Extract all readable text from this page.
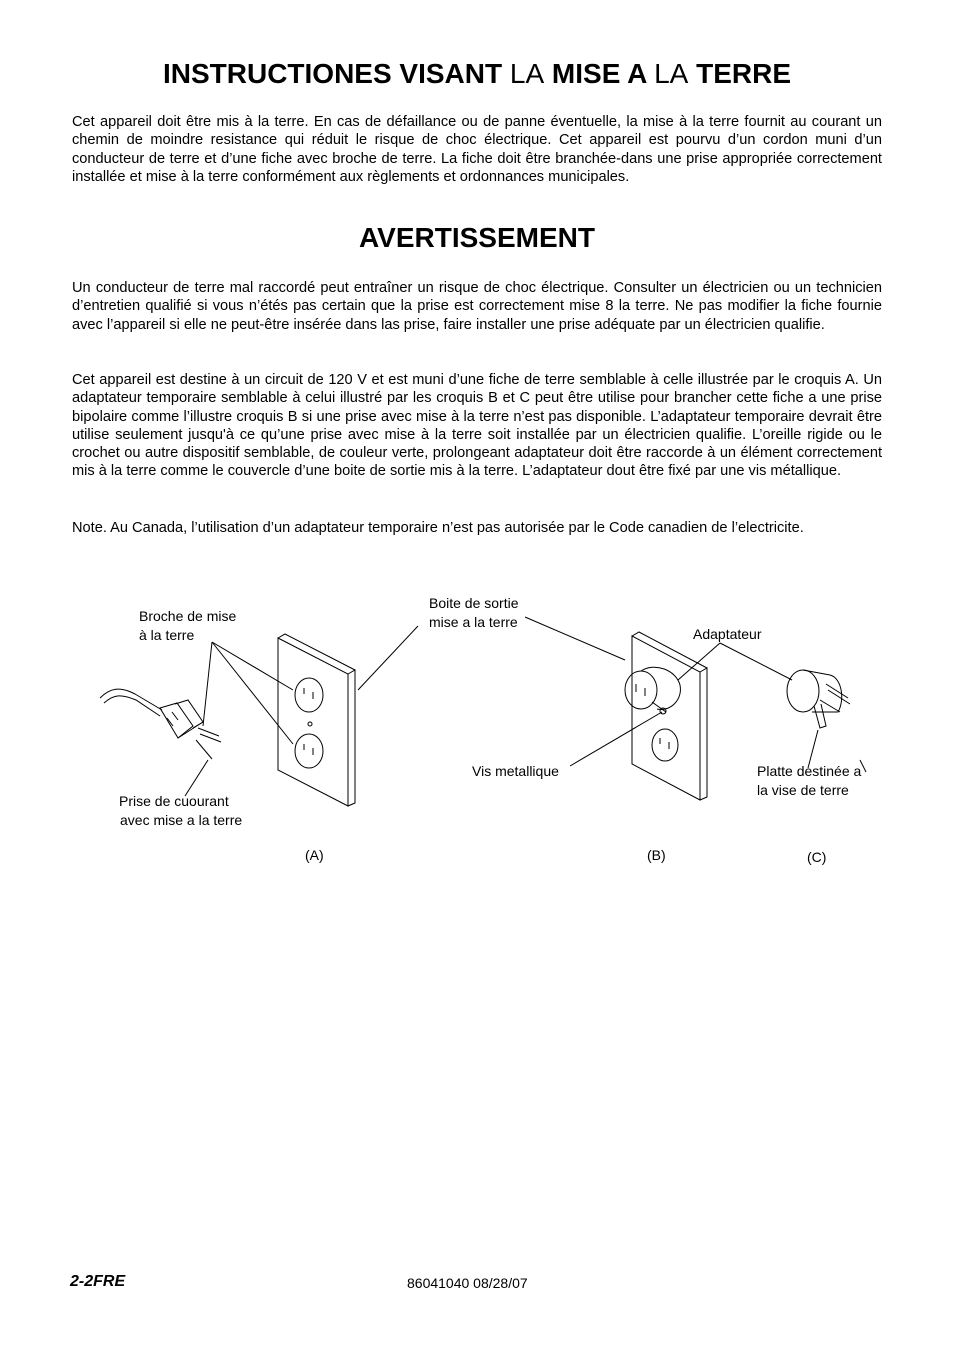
INSTRUCTIONES VISANT LA MISE A LA TERRE

Cet appareil doit être mis à la terre. En cas de défaillance ou de panne éventuelle, la mise à la terre fournit au courant un chemin de moindre resistance qui réduit le risque de choc électrique. Cet appareil est pourvu d’un cordon muni d’un conducteur de terre et d’une fiche avec broche de terre. La fiche doit être branchée-dans une prise appropriée correctement installée et mise à la terre conformément aux règlements et ordonnances municipales.

AVERTISSEMENT

Un conducteur de terre mal raccordé peut entraîner un risque de choc électrique. Consulter un électricien ou un technicien d’entretien qualifié si vous n’étés pas certain que la prise est correctement mise 8 la terre. Ne pas modifier la fiche fournie avec l’appareil si elle ne peut-être insérée dans las prise, faire installer une prise adéquate par un électricien qualifie.

Cet appareil est destine à un circuit de 120 V et est muni d’une fiche de terre semblable à celle illustrée par le croquis A. Un adaptateur temporaire semblable à celui illustré par les croquis B et C peut être utilise pour brancher cette fiche a une prise bipolaire comme l’illustre croquis B si une prise avec mise à la terre n’est pas disponible. L’adaptateur temporaire devrait être utilise seulement jusqu'à ce qu’une prise avec mise à la terre soit installée par un électricien qualifie. L’oreille rigide ou le crochet ou autre dispositif semblable, de couleur verte, prolongeant adaptateur doit être raccorde à un élément correctement mis à la terre comme le couvercle d’une boite de sortie mis à la terre. L’adaptateur dout être fixé par une vis métallique.

Note. Au Canada, l’utilisation d’un adaptateur temporaire n’est pas autorisée par le Code canadien de l’electricite.

Broche de mise
à la terre
Boite de sortie
mise a la terre
Adaptateur
Vis metallique	Platte destinée a
la vise de terre
Prise de cuourant
avec mise a la terre
(A)	(B)	(C)
2-2FRE	86041040 08/28/07
